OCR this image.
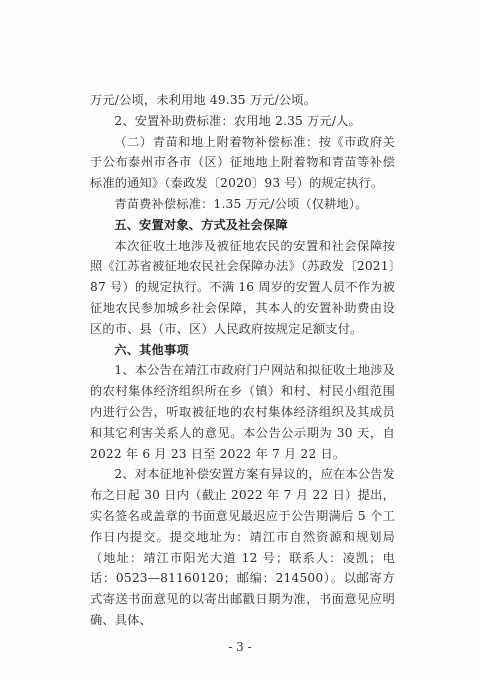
万元/公顷，未利用地 49.35 万元/公顷。

2、安置补助费标准：农用地 2.35 万元/人。

（二）青苗和地上附着物补偿标准：按《市政府关于公布泰州市各市（区）征地地上附着物和青苗等补偿标准的通知》（泰政发〔2020〕93 号）的规定执行。

青苗费补偿标准：1.35 万元/公顷（仅耕地）。

五、安置对象、方式及社会保障

本次征收土地涉及被征地农民的安置和社会保障按照《江苏省被征地农民社会保障办法》（苏政发〔2021〕87 号）的规定执行。不满 16 周岁的安置人员不作为被征地农民参加城乡社会保障，其本人的安置补助费由设区的市、县（市、区）人民政府按规定足额支付。

六、其他事项

1、本公告在靖江市政府门户网站和拟征收土地涉及的农村集体经济组织所在乡（镇）和村、村民小组范围内进行公告，听取被征地的农村集体经济组织及其成员和其它利害关系人的意见。本公告公示期为 30 天，自 2022 年 6 月 23 日至 2022 年 7 月 22 日。

2、对本征地补偿安置方案有异议的，应在本公告发布之日起 30 日内（截止 2022 年 7 月 22 日）提出，实名签名或盖章的书面意见最迟应于公告期满后 5 个工作日内提交。提交地址为：靖江市自然资源和规划局（地址：靖江市阳光大道 12 号；联系人：凌凯；电话：0523—81160120；邮编：214500）。以邮寄方式寄送书面意见的以寄出邮戳日期为准，书面意见应明确、具体、

- 3 -
